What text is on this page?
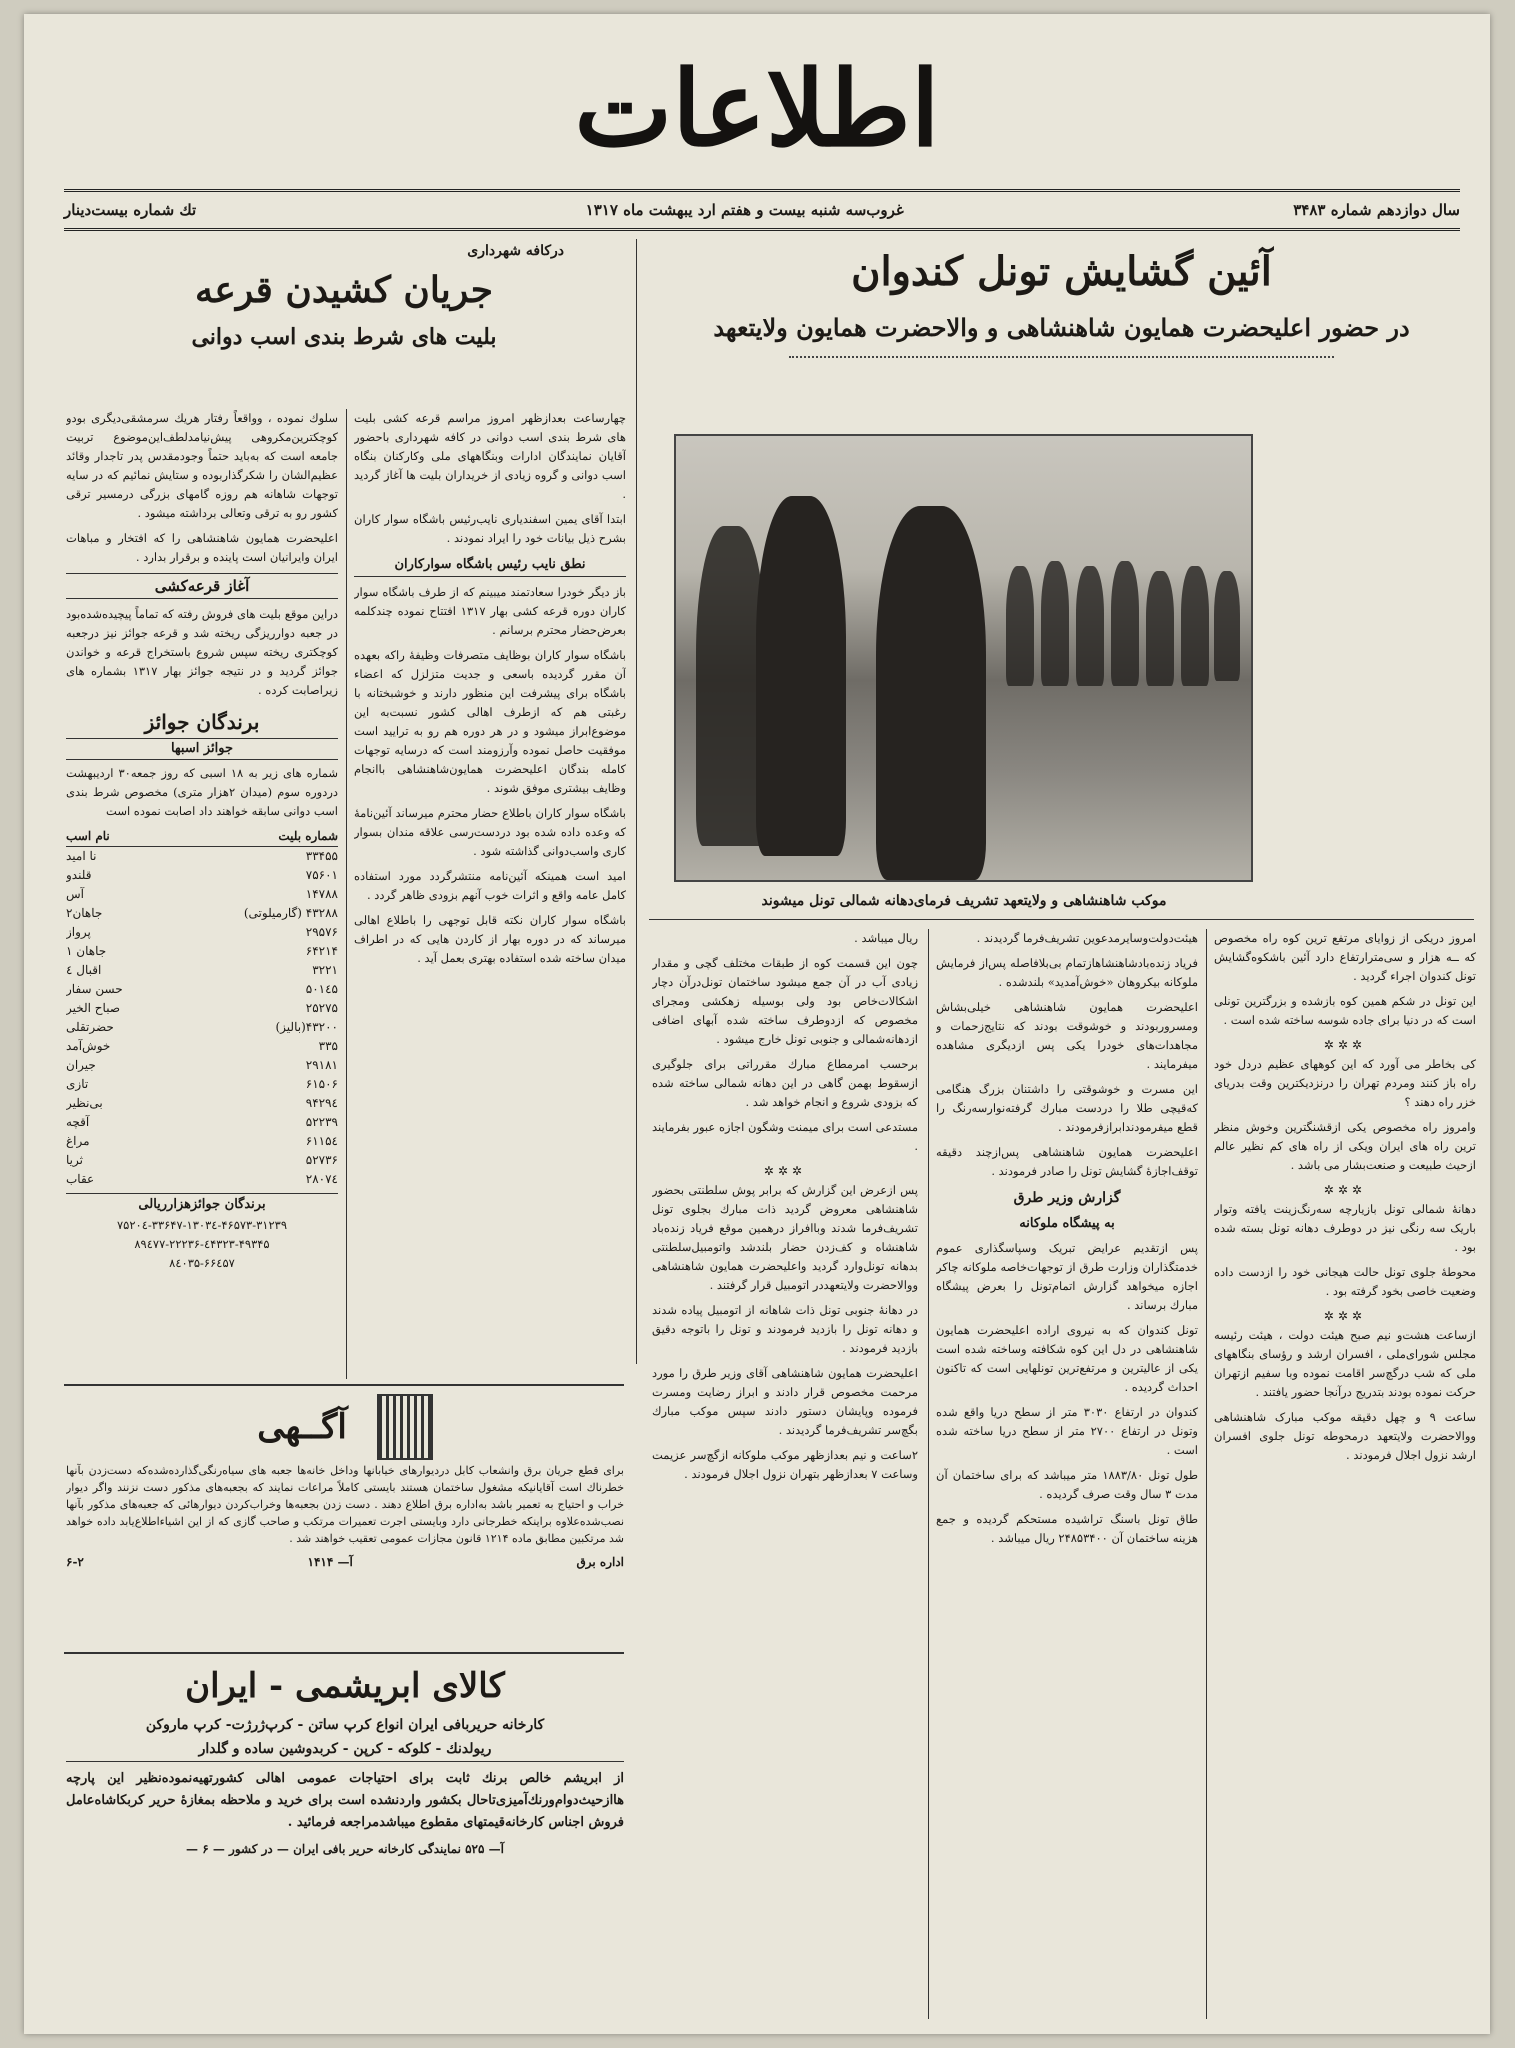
اطلاعات
سال دوازدهم شماره ۳۴۸۳
غروب‌سه شنبه بیست و هفتم ارد یبهشت ماه ۱۳۱۷
تك شماره بیست‌دینار
آئین گشایش تونل کندوان
در حضور اعلیحضرت همایون شاهنشاهی و والاحضرت همایون ولایتعهد
موکب شاهنشاهی و ولایتعهد تشریف فرمای‌دهانه شمالی تونل میشوند

امروز دریکی از زوایای مرتفع ترین کوه راه مخصوص که ــه هزار و سی‌مترارتفاع دارد آئین باشکوه‌گشایش تونل کندوان اجراء گردید .

این تونل در شکم همین کوه بازشده و بزرگترین تونلی است که در دنیا برای جاده شوسه ساخته شده است .

✲✲✲

کی بخاطر می آورد که این کوههای عظیم دردل خود راه باز کنند ومردم تهران را درنزدیکترین وقت بدریای خزر راه دهند ؟

وامروز راه مخصوص یکی ازقشنگترین وخوش منظر ترین راه های ایران ویکی از راه های کم نظیر عالم ازحیث طبیعت و صنعت‌بشار می باشد .

✲✲✲

دهانهٔ شمالی تونل بازیارچه سه‌رنگ‌زینت یافته وتوار باریک سه رنگی نیز در دوطرف دهانه تونل بسته شده بود .

محوطهٔ جلوی تونل حالت هیجانی خود را ازدست داده وضعیت خاصی بخود گرفته بود .

✲✲✲

ازساعت هشت‌و نیم صبح هیئت دولت ، هیئت رئیسه مجلس شورای‌ملی ، افسران ارشد و رؤسای بنگاههای ملی که شب درگچ‌سر اقامت نموده وبا سفیم ازتهران حرکت نموده بودند بتدریج درآنجا حضور یافتند .

ساعت ۹ و چهل دقیقه موکب مبارک شاهنشاهی ووالاحضرت ولایتعهد درمحوطه تونل جلوی افسران ارشد نزول اجلال فرمودند .

هیئت‌دولت‌وسایرمدعوین تشریف‌فرما گردیدند .

فریاد زنده‌بادشاهنشاهازتمام‌ بی‌بلافاصله پس‌از فرمایش ملوکانه بیکرو‌هان «خوش‌آمدید» بلندشده .

اعلیحضرت همایون شاهنشاهی خیلی‌بشاش ومسرور‌بودند و خوشوقت بودند که نتایج‌زحمات و مجاهدات‌های خودرا یکی پس ازدیگری مشاهده میفرمایند .

این مسرت و خوشوقتی را داشتنان بزرگ هنگامی که‌قیچی طلا را دردست مبارك گرفته‌نوار‌سه‌رنگ را قطع میفرمودند‌ابرازفرمودند .

اعلیحضرت همایون شاهنشاهی پس‌ازچند دقیقه توقف‌اجازهٔ گشایش تونل را صادر فرمودند .

گزارش وزیر طرق
به پیشگاه ملوکانه

پس ازتقدیم عرایض تبریک وسپاسگذاری عموم خدمتگذاران وزارت طرق از توجهات‌خاصه ملوکانه چاکر اجازه میخواهد گزارش اتمام‌تونل را بعرض پیشگاه مبارك برساند .

تونل کندوان که به نیروی اراده اعلیحضرت همایون شاهنشاهی در دل این کوه شکافته وساخته شده است یکی از عالیترین و مرتفع‌ترین تونلهایی است که تاکنون احداث گردیده .

کندوان در ارتفاع ۳۰۳۰ متر از سطح دریا واقع شده وتونل در ارتفاع ۲۷۰۰ متر از سطح دریا ساخته شده است .

طول تونل ۱۸۸۳/۸۰ متر میباشد که برای ساختمان آن مدت ۳ سال وقت صرف گردیده .

طاق تونل باسنگ تراشیده مستحکم گردیده و جمع هزینه ساختمان آن ۲۴۸۵۳۴۰۰ ریال میباشد .

ریال میباشد .

چون این قسمت کوه از طبقات مختلف گچی و مقدار زیادی آب در آن جمع میشود ساختمان تونل‌درآن دچار اشکالات‌خاص بود ولی بوسیله زهکشی ومجرای مخصوص که ازدوطرف ساخته شده آبهای اضافی ازدهانه‌شمالی و جنوبی تونل خارج میشود .

برحسب امرمطاع مبارك مقرراتی برای جلوگیری ازسقوط بهمن گاهی در این دهانه شمالی ساخته شده که بزودی شروع و انجام خواهد شد .

مستدعی است برای میمنت وشگون اجازه عبور بفرمایند .

✲✲✲

پس ازعرض این گزارش که برابر پوش سلطنتی بحضور شاهنشاهی معروض گردید ذات مبارك بجلوی تونل تشریف‌فرما شدند وباافراز درهمین موقع فریاد زنده‌باد شاهنشاه و کف‌زدن حضار بلندشد واتومبیل‌سلطنتی بدهانه تونل‌وارد گردید واعلیحضرت همایون شاهنشاهی ووالاحضرت ولایتعهد‌در اتومبیل قرار گرفتند .

در دهانهٔ جنوبی تونل ذات شاهانه از اتومبیل پیاده شدند و دهانه تونل را بازدید فرمودند و تونل را باتوجه دقیق بازدید فرمودند .

اعلیحضرت همایون شاهنشاهی آقای وزیر طرق را مورد مرحمت مخصوص قرار دادند و ابراز رضایت ومسرت فرموده وپایشان دستور دادند سپس موکب مبارك بگچ‌سر تشریف‌فرما گردیدند .

۲ساعت و نیم بعدازظهر موکب ملوکانه ازگچ‌سر عزیمت وساعت ۷ بعدازظهر بتهران نزول اجلال فرمودند .

درکافه شهرداری
جریان کشیدن قرعه
بلیت های شرط بندی اسب دوانی

چهارساعت بعدازظهر امروز مراسم قرعه کشی بلیت های شرط بندی اسب دوانی در کافه شهرداری باحضور آقایان نمایندگان ادارات وبنگاههای ملی وکارکنان بنگاه اسب دوانی و گروه زیادی از خریداران بلیت ها آغاز گردید .

ابتدا آقای یمین اسفندیاری نایب‌رئیس باشگاه سوار کاران بشرح ذیل بیانات خود را ایراد نمودند .

نطق نایب رئیس باشگاه سوارکاران

باز دیگر خودرا سعادتمند میبینم که از طرف باشگاه سوار کاران دوره قرعه کشی بهار ۱۳۱۷ افتتاح نموده چندکلمه بعرض‌حضار محترم برسانم .

باشگاه سوار کاران بوظایف متصرفات وظیفهٔ راکه بعهده آن مقرر گردیده باسعی و جدیت متزلزل که اعضاء باشگاه برای پیشرفت این منظور دارند و خوشبختانه با رغبتی هم که ازطرف اهالی کشور نسبت‌به این موضوع‌ابراز میشود و در هر دوره هم رو به ترایید است موفقیت حاصل نموده وآرزومند است که درسایه توجهات کامله بندگان اعلیحضرت همایون‌شاهنشاهی باانجام وظایف بیشتری موفق شوند .

باشگاه سوار کاران باطلاع حضار محترم میرساند آئین‌نامهٔ که وعده داده شده بود درد‌ست‌رسی علاقه مندان بسوار کاری واسب‌دوانی گذاشته شود .

امید است همینکه آئین‌نامه منتشرگردد مورد استفاده کامل عامه واقع و اثرات خوب آنهم بزودی ظاهر گردد .

باشگاه سوار کاران نکته قابل توجهی را باطلاع اهالی میرساند که در دوره بهار از کاردن هایی که در اطراف میدان ساخته شده استفاده بهتری بعمل آید .

سلوك نموده ، وواقعاً رفتار هریك سرمشقی‌دیگری بودو کوچکترین‌مکروهی پیش‌نیامد‌لطف‌این‌موضوع تربیت جامعه است که به‌باید حتماً وجود‌مقدس پدر تاجدار وقائد عظیم‌الشان را شکرگذاربوده و ستایش نمائیم که در سایه توجهات شاهانه هم روزه گامهای بزرگی درمسیر ترقی کشور رو به ترقی وتعالی برداشته میشود .

اعلیحضرت همایون شاهنشاهی را که افتخار و مباهات ایران وایرانیان است پاینده و برقرار بدارد .

آغاز قرعه‌کشی

دراین موقع بلیت های فروش رفته که تماماً پیچیده‌شده‌بود در جعبه دوارریزگی ریخته شد و قرعه جوائز نیز درجعبه کوچکتری ریخته سپس شروع باستخراج قرعه و خواندن جوائز گردید و در نتیجه جوائز بهار ۱۳۱۷ بشماره های زیراصابت کرده .

برندگان جوائز
جوائز اسبها

شماره های زیر به ۱۸ اسبی که روز جمعه۳۰ اردیبهشت دردوره سوم (میدان ۲هزار متری) مخصوص شرط بندی اسب دوانی سابقه خواهند داد اصابت نموده است

شماره بلیت
نام اسب
۳۳۴۵۵
نا امید
۷۵۶۰۱
قلندو
۱۴۷۸۸
آس
۴۳۲۸۸ (گارمیلوتی)
جاهان۲
۲۹۵۷۶
پرواز
۶۴۲۱۴
جاهان ۱
۳۲۲۱
اقبال ٤
۵۰۱٤۵
حسن سفار
۲۵۲۷۵
صباح الخیر
۴۳۲۰۰(بالیز)
حضرتقلی
۳۳۵
خوش‌آمد
۲۹۱۸۱
جیران
۶۱۵۰۶
تازی
۹۴۲۹٤
بی‌نظیر
۵۲۲۳۹
آقچه
۶۱۱۵٤
مراغ
۵۲۷۳۶
ثریا
۲۸۰۷٤
عقاب
برندگان جوائزهزارریالی
۷۵۲۰٤-۳۳۶۴۷-۱۳۰۳٤-۴۶۵۷۳-۳۱۲۳۹
۸۹٤۷۷-۲۲۲۳۶-٤۴۳۲۳-۴۹۳۴۵
۸٤۰۳۵-۶۶٤۵۷
آگــهی

برای قطع جریان برق وانشعاب کابل دردیوارهای خیابانها وداخل خانه‌ها جعبه های سیاه‌رنگی‌گذارده‌شده‌که دست‌زدن بآنها خطرناك است آقایانیکه مشغول ساختمان هستند بایستی کاملاً مراعات نمایند که بجعبه‌های مذکور دست نزنند واگر دیوار خراب و احتیاج به تعمیر باشد به‌اداره برق اطلاع دهند . دست زدن بجعبه‌ها وخراب‌کردن دیوارهائی‌ که‌ جعبه‌های مذکور بآنها نصب‌شده‌علاوه براینکه خطرجانی دارد وبایستی اجرت تعمیرات مرتکب و صاحب گازی که از این اشیاء‌اطلاع‌یابد داده خواهد شد مرتکبین مطابق ماده ۱۲۱۴ قانون مجازات عمومی تعقیب خواهند شد .

اداره برق
آ— ۱۴۱۴
۶-۲
کالای ابریشمی - ایران
کارخانه حریربافی ایران انواع کرپ ساتن - کرپ‌ژرژت- کرپ ماروکن
ریولدنك - کلوکه - کرپن - کربدوشین ساده و گلدار

از ابریشم خالص برنك ثابت برای احتیاجات عمومی اهالی کشور‌تهیه‌نموده‌نظیر این پارچه هاازحیث‌دوام‌ورنك‌آمیزی‌تاحال بکشور واردنشده است برای خرید و ملاحظه بمغازهٔ حریر کربکا‌شاه‌عامل فروش اجناس کارخانه‌قیمتهای مقطوع میباشد‌مراجعه فرمائید .

آ— ۵۲۵ نمایندگی کارخانه حریر بافی ایران — در کشور — ۶ —
